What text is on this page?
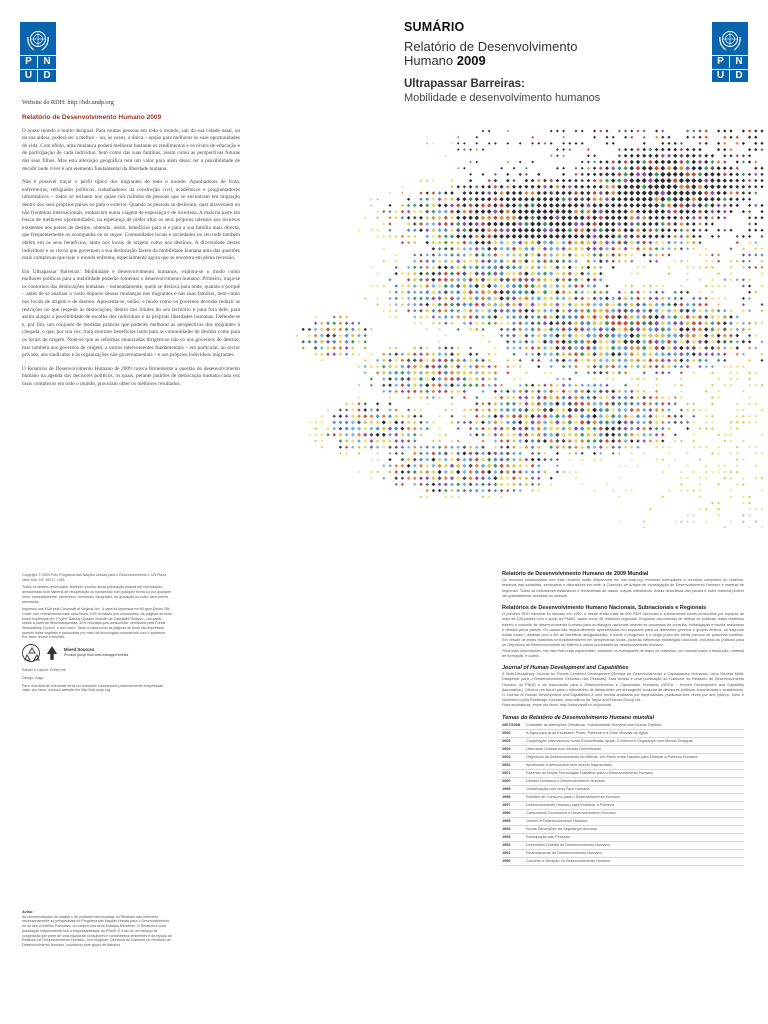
P	N
U	D
P	N
U	D
SUMÁRIO
Relatório de Desenvolvimento
Humano 2009
Ultrapassar Barreiras:
Mobilidade e desenvolvimento humanos
Website do RDH: http://hdr.undp.org
Relatório de Desenvolvimento Humano 2009

O nosso mundo é muito desigual. Para muitas pessoas em todo o mundo, sair da sua cidade natal, ou da sua aldeia, poderá ser a melhor – ou, às vezes, a única – opção para melhorar as suas oportunidades de vida. Com efeito, uma mudança poderá melhorar bastante os rendimentos e os níveis de educação e de participação de cada indivíduo, bem como das suas famílias, assim como as perspectivas futuras dos seus filhos. Mas esta alteração geográfica tem um valor para além disso: ter a possibilidade de decidir onde viver é um elemento fundamental da liberdade humana.

Não é possível traçar o perfil típico dos migrantes de todo o mundo. Apanhadores de fruta, enfermeiras, refugiados políticos, trabalhadores da construção civil, académicos e programadores informáticos – todos se incluem nos quase mil milhões de pessoas que se encontram em migração dentro dos seus próprios países ou para o exterior. Quando as pessoas se deslocam, quer atravessem ou não fronteiras internacionais, embarcam numa viagem de esperança e de incerteza. A maioria parte em busca de melhores oportunidades, na esperança de poder aliar os seus próprios talentos aos recursos existentes nos países de destino, obtendo, assim, benefícios para si e para a sua família mais directa, que frequentemente os acompanha ou os segue. Comunidades locais e sociedades no seu todo também obtêm em os seus benefícios, tanto nos locais de origem como nos destinos. A diversidade destes indivíduos e os riscos que governam a sua deslocação fazem da mobilidade humana uma das questões mais complexas que hoje o mundo enfrenta, especialmente agora que se encontra em plena recessão.

Em Ultrapassar Barreiras: Mobilidade e desenvolvimento humanos, explora-se o modo como melhores políticas para a mobilidade poderão fomentar o desenvolvimento humano. Primeiro, traça-se os contornos das deslocações humanas – nomeadamente, quem se desloca para onde, quando e porquê – antes de se analisar o vasto impacto dessas mudanças nos migrantes e nas suas famílias, bem como nos locais de origem e de destino. Apresenta-se, então, o modo como os governos deverão reduzir as restrições no que respeita às deslocações, dentro dos limites do seu território e para fora dele, para assim alargar a possibilidade de escolha dos indivíduos e as próprias liberdades humanas. Defende-se e, por fim, um conjunto de medidas práticas que poderão melhorar as perspectivas dos migrantes à chegada, o que, por sua vez, trará enormes benefícios tanto para as comunidades de destino como para os locais de origem. Note-se que as reformas enunciadas dirigem-se não só aos governos de destino, mas também aos governos de origem, a outros intervenientes fundamentais – em particular, ao sector privado, aos sindicatos e às organizações não governamentais – e aos próprios indivíduos migrantes.

O Relatório de Desenvolvimento Humano de 2009 coloca firmemente a questão do desenvolvimento humano na agenda dos decisores políticos, os quais, perante padrões de deslocação humana cada vez mais complexos em todo o mundo, procuram obter os melhores resultados.

Copyright © 2009 Pelo Programa das Nações Unidas para o Desenvolvimento 1 UN Plaza, New York, NY 10017, USA

Todos os direitos reservados. Nenhum excerto desta publicação poderá ser reproduzido, armazenado num sistema de recuperação ou transmitido sob qualquer forma ou por qualquer meio, nomeadamente, electrónico, mecânico, fotográfico, de gravação ou outro, sem prévia permissão.

Impresso nos EUA pela Colorcraft of Virginia, Inc. A capa foi impressa em 80 gsm Devon Silk Cover com revestimento mate ultra-fosco, 10% reciclado pós-consumidor. As páginas de texto foram impressas em 70 g/m² Natural Opaque Smooth de Cascades Rolland – um papel obtido a partir de fibra branqueada, 30% reciclado pós-consumidor, certificado pela Forest Stewardship Council, e sem cloro. Tanto a capa como as páginas de texto são impressas usando tintas vegetais e produzidas por meio de tecnologias compatíveis com o ambiente. Por favor recicle e reutilize.

Mixed Sources
Product group from well-managed forests

Edição e Layout: Green Ink

Design: Zago

Para uma lista de eventuais erros ou omissões encontrados posteriormente à impressão, visite, por favor, o nosso website em http://hdr.undp.org

Aviso:

As recomendações de análise e de políticas mencionadas no Relatório não reflectem necessariamente as perspectivas do Programa das Nações Unidas para o Desenvolvimento, ou do seu Conselho Executivo, ou mesmo dos seus Estados-Membros. O Relatório é uma publicação independente sob a responsabilidade do PNUD. É fruto de um esforço de cooperação por parte de uma equipa de consultores e conselheiros eminentes e da equipa do Relatório de Desenvolvimento Humano. Jeni Klugman, Directora do Gabinete do Relatório de Desenvolvimento Humano, coordenou este grupo de trabalho.

Relatório de Desenvolvimento Humano de 2009 Mundial

Os recursos relacionados com este relatório estão disponíveis em hdr.undp.org, incluindo exemplares e recursos completos do relatório, resumos das consultas, seminários e discussões em rede, a Colecção de Artigos de Investigação de Desenvolvimento Humano e material de imprensa. Todos os indicadores estatísticos e ferramentas de dados, mapas interactivos, fichas descritivas dos países e outro material podem ser gratuitamente acedidos no website.

Relatórios de Desenvolvimento Humano Nacionais, Subnacionais e Regionais

O primeiro RDH nacional foi lançado em 1992, e desde então mais de 600 RDH nacionais e subnacionais foram produzidos por equipas de mais de 135 países com o apoio do PNUD, assim como 35 relatórios regionais. Enquanto documentos de defesa de políticas, estes relatórios trazem o conceito de desenvolvimento humano para os diálogos nacionais através de processos de consulta, investigação e escrita realizados e detidos pelos países. Os dados são frequentemente apresentados em separado para os diferentes géneros e grupos étnicos, ou segundo linhas rurais / urbanas com o fim de identificar desigualdades, e medir o progresso e o longo prazo em alerta precoce de possíveis conflitos. Em virtude de estes relatórios se fundamentarem em perspectivas locais, poderão influenciar estratégias nacionais, incluindo as políticas para os Objectivos de Desenvolvimento do Milénio e outras prioridades de desenvolvimento humano.

Para mais informações, ver http://hdr.undp.org/en/nhdr/, incluindo os exemplares de todos os relatórios, um manual sobre a resolução, material de formação, e outros.

Journal of Human Development and Capabilities

A Multi-Disciplinary Journal for People-Centered Development [Revista de Desenvolvimento e Capacidades Humanos: Uma Revista Multi-Disciplinar para o Desenvolvimento Centrado nas Pessoas]. Esta revista é uma publicação do Gabinete do Relatório de Desenvolvimento Humano do PNUD e da Associação para o Desenvolvimento e Capacidade Humanos (HDCA – Human Development and Capability Association). Oferece um fórum para o intercâmbio de ideias entre um abrangente conjunto de decisores políticos, economistas e académicos. O Journal of Human Development and Capabilities é uma revista analisada por especialistas, publicada três vezes por ano (Março, Julho e Novembro) pela Routledge Journals, uma editora da Taylor and Francis Group Ltd.

Para assinaturas, envie por favor: http://www.tandf.co.uk/journals

Temas do Relatório de Desenvolvimento Humano mundial
2007/2008	Combater as Alterações Climáticas: Solidariedade Humana num Mundo Dividido
2006	A Água para lá da Escassez: Poder, Pobreza e a Crise Mundial da Água
2005	Cooperação Internacional numa Encruzilhada: Ajuda, Comércio e Segurança num Mundo Desigual
2004	Liberdade Cultural num Mundo Diversificado
2003	Objectivos de Desenvolvimento do Milénio: Um Pacto entre Nações para Eliminar a Pobreza Humana
2002	Aprofundar a democracia num mundo fragmentado
2001	Fazendo as Novas Tecnologias Trabalhar para o Desenvolvimento Humano
2000	Direitos Humanos e Desenvolvimento Humano
1999	Globalização com uma Face Humana
1998	Padrões de Consumo para o Desenvolvimento Humano
1997	Desenvolvimento Humano para Erradicar a Pobreza
1996	Crescimento Económico e Desenvolvimento Humano
1995	Género e Desenvolvimento Humano
1994	Novas Dimensões da Segurança Humana
1993	Participação das Pessoas
1992	Dimensões Globais do Desenvolvimento Humano
1991	Financiamento do Desenvolvimento Humano
1990	Conceito e Medição do Desenvolvimento Humano
